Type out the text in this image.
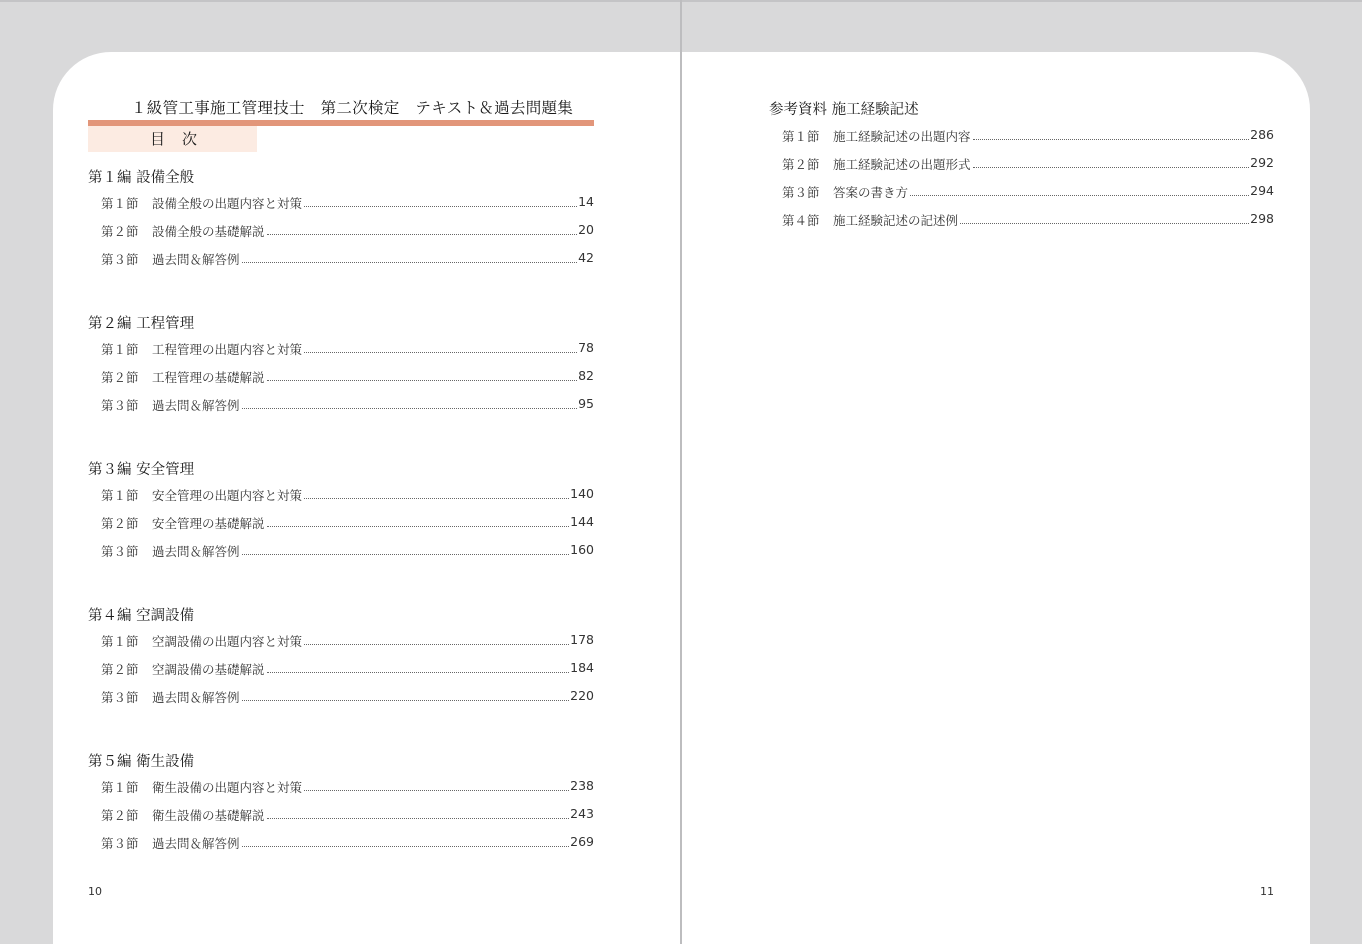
１級管工事施工管理技士　第二次検定　テキスト＆過去問題集
目　次
第１編 設備全般
第１節 設備全般の出題内容と対策	14
第２節 設備全般の基礎解説	20
第３節 過去問＆解答例	42
第２編 工程管理
第１節 工程管理の出題内容と対策	78
第２節 工程管理の基礎解説	82
第３節 過去問＆解答例	95
第３編 安全管理
第１節 安全管理の出題内容と対策	140
第２節 安全管理の基礎解説	144
第３節 過去問＆解答例	160
第４編 空調設備
第１節 空調設備の出題内容と対策	178
第２節 空調設備の基礎解説	184
第３節 過去問＆解答例	220
第５編 衛生設備
第１節 衛生設備の出題内容と対策	238
第２節 衛生設備の基礎解説	243
第３節 過去問＆解答例	269
10
参考資料 施工経験記述
第１節 施工経験記述の出題内容	286
第２節 施工経験記述の出題形式	292
第３節 答案の書き方	294
第４節 施工経験記述の記述例	298
11
